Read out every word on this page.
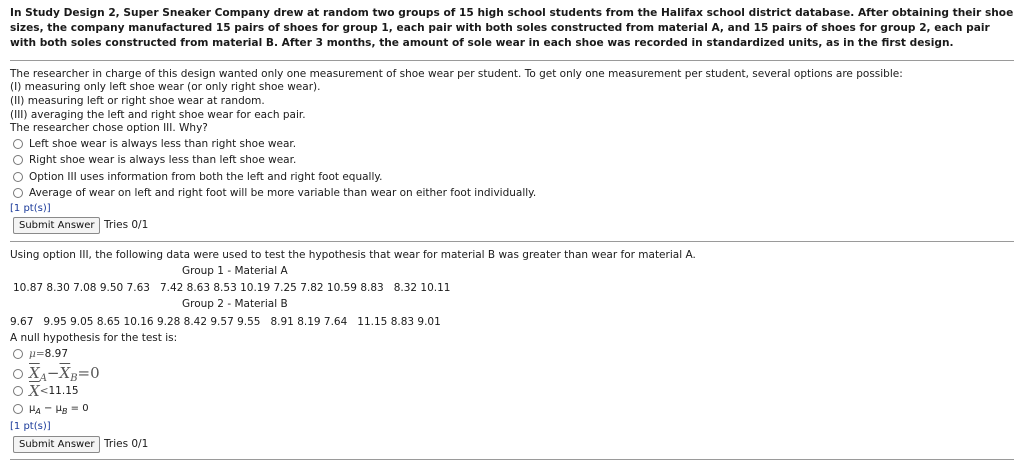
In Study Design 2, Super Sneaker Company drew at random two groups of 15 high school students from the Halifax school district database. After obtaining their shoe sizes, the company manufactured 15 pairs of shoes for group 1, each pair with both soles constructed from material A, and 15 pairs of shoes for group 2, each pair with both soles constructed from material B. After 3 months, the amount of sole wear in each shoe was recorded in standardized units, as in the first design.
The researcher in charge of this design wanted only one measurement of shoe wear per student. To get only one measurement per student, several options are possible:
(I) measuring only left shoe wear (or only right shoe wear).
(II) measuring left or right shoe wear at random.
(III) averaging the left and right shoe wear for each pair.
The researcher chose option III. Why?
Left shoe wear is always less than right shoe wear.
Right shoe wear is always less than left shoe wear.
Option III uses information from both the left and right foot equally.
Average of wear on left and right foot will be more variable than wear on either foot individually.
[1 pt(s)]
Submit Answer Tries 0/1
Using option III, the following data were used to test the hypothesis that wear for material B was greater than wear for material A.
Group 1 - Material A
10.87 8.30 7.08 9.50 7.63   7.42 8.63 8.53 10.19 7.25 7.82 10.59 8.83   8.32 10.11
Group 2 - Material B
9.67   9.95 9.05 8.65 10.16 9.28 8.42 9.57 9.55   8.91 8.19 7.64   11.15 8.83 9.01
A null hypothesis for the test is:
μ = 8.97
$\overline{X}_A-\overline{X}_B=0$
$\overline{X} < 11.15$
$\mu_A - \mu_B = 0$
[1 pt(s)]
Submit Answer Tries 0/1
